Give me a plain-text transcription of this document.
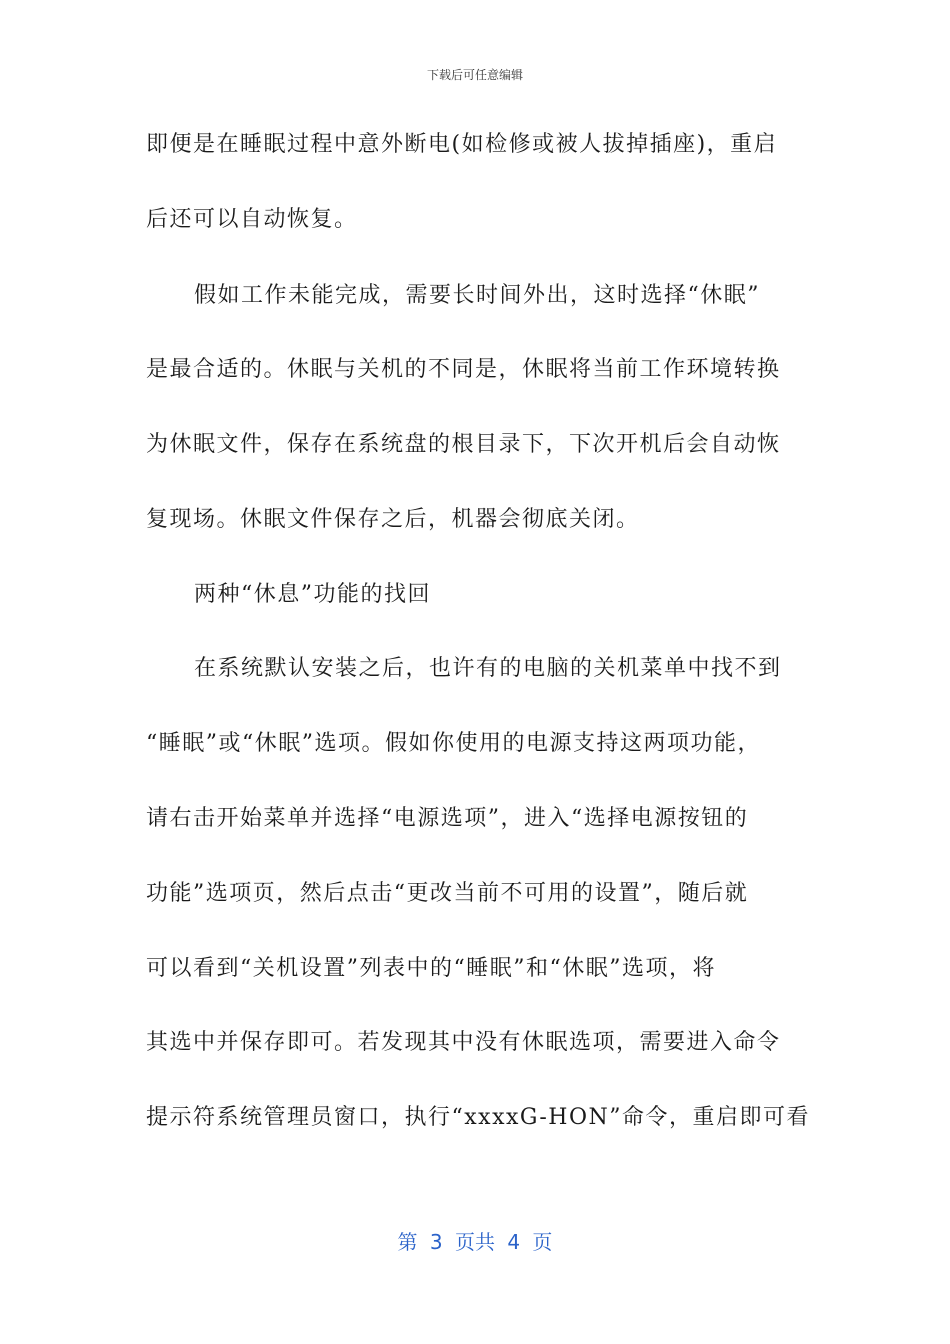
下载后可任意编辑
即便是在睡眠过程中意外断电(如检修或被人拔掉插座)，重启
后还可以自动恢复。
假如工作未能完成，需要长时间外出，这时选择“休眠”
是最合适的。休眠与关机的不同是，休眠将当前工作环境转换
为休眠文件，保存在系统盘的根目录下，下次开机后会自动恢
复现场。休眠文件保存之后，机器会彻底关闭。
两种“休息”功能的找回
在系统默认安装之后，也许有的电脑的关机菜单中找不到
“睡眠”或“休眠”选项。假如你使用的电源支持这两项功能，
请右击开始菜单并选择“电源选项”，进入“选择电源按钮的
功能”选项页，然后点击“更改当前不可用的设置”，随后就
可以看到“关机设置”列表中的“睡眠”和“休眠”选项，将
其选中并保存即可。若发现其中没有休眠选项，需要进入命令
提示符系统管理员窗口，执行“xxxxG-HON”命令，重启即可看
第 3 页共 4 页
